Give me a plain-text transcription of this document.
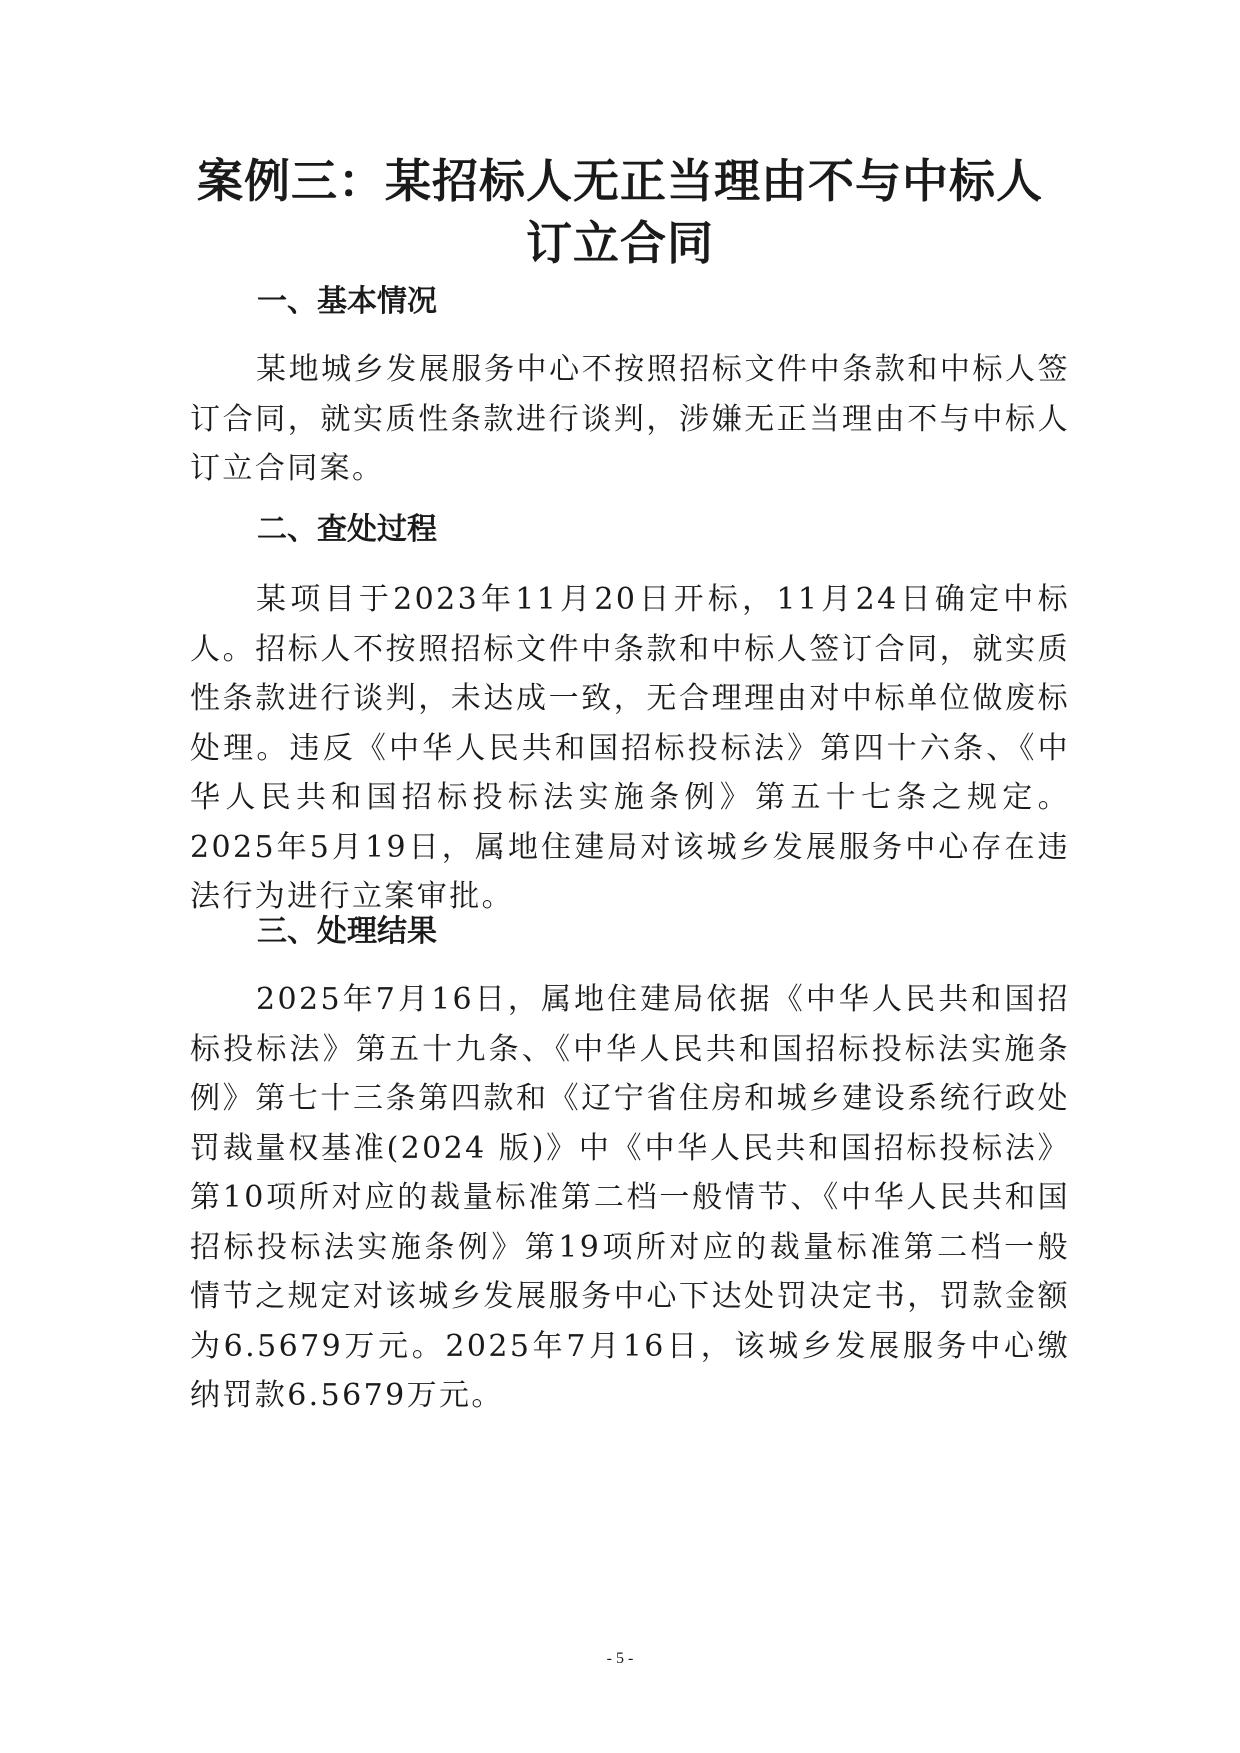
案例三：某招标人无正当理由不与中标人
订立合同
一、基本情况

某地城乡发展服务中心不按照招标文件中条款和中标人签订合同，就实质性条款进行谈判，涉嫌无正当理由不与中标人订立合同案。

二、查处过程

某项目于2023年11月20日开标，11月24日确定中标人。招标人不按照招标文件中条款和中标人签订合同，就实质性条款进行谈判，未达成一致，无合理理由对中标单位做废标处理。违反《中华人民共和国招标投标法》第四十六条、《中华人民共和国招标投标法实施条例》第五十七条之规定。2025年5月19日，属地住建局对该城乡发展服务中心存在违法行为进行立案审批。

三、处理结果

2025年7月16日，属地住建局依据《中华人民共和国招标投标法》第五十九条、《中华人民共和国招标投标法实施条例》第七十三条第四款和《辽宁省住房和城乡建设系统行政处罚裁量权基准(2024 版)》中《中华人民共和国招标投标法》第10项所对应的裁量标准第二档一般情节、《中华人民共和国招标投标法实施条例》第19项所对应的裁量标准第二档一般情节之规定对该城乡发展服务中心下达处罚决定书，罚款金额为6.5679万元。2025年7月16日，该城乡发展服务中心缴纳罚款6.5679万元。

- 5 -
